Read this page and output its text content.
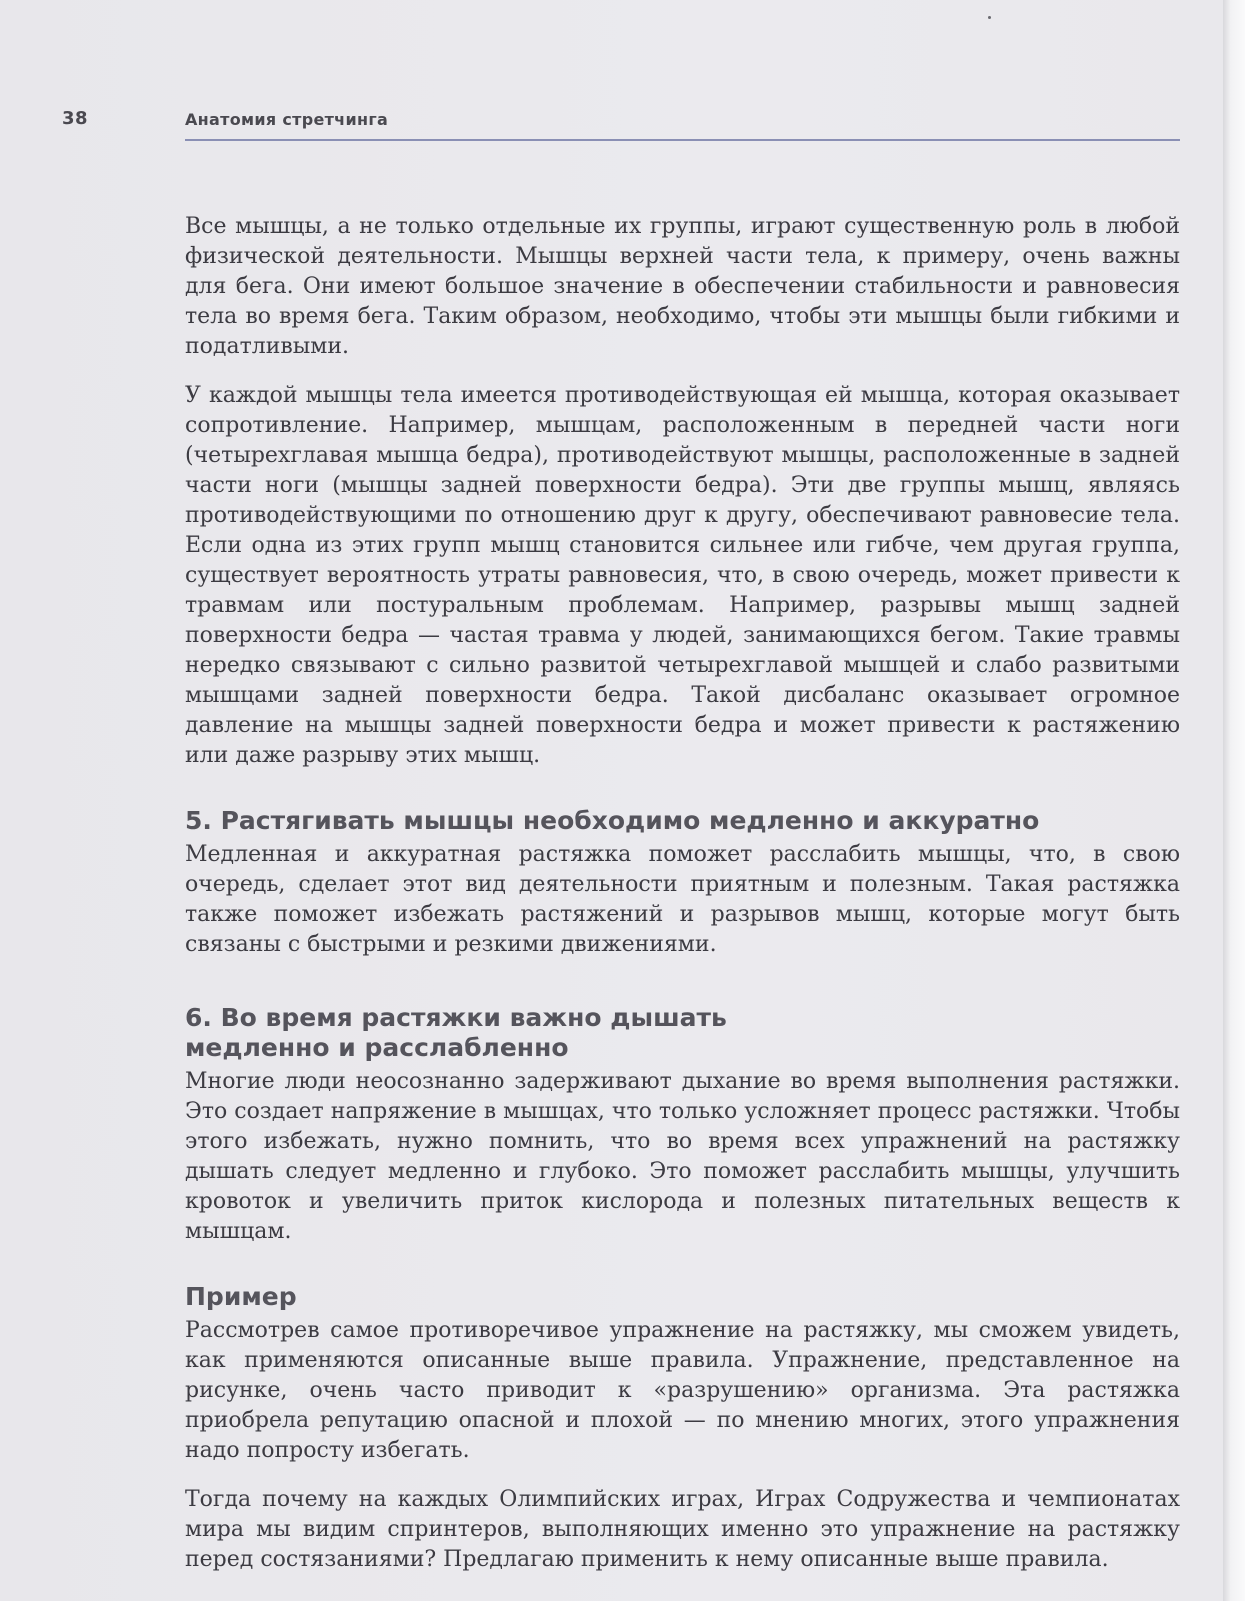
38	Анатомия стретчинга

Все мышцы, а не только отдельные их группы, играют существенную роль в любой физической деятельности. Мышцы верхней части тела, к примеру, очень важны для бега. Они имеют большое значение в обеспечении стабильности и равновесия тела во время бега. Таким образом, необходимо, чтобы эти мышцы были гибкими и податливыми.

У каждой мышцы тела имеется противодействующая ей мышца, которая оказывает сопротивление. Например, мышцам, расположенным в передней части ноги (четырехглавая мышца бедра), противодействуют мышцы, расположенные в задней части ноги (мышцы задней поверхности бедра). Эти две группы мышц, являясь противодействующими по отношению друг к другу, обеспечивают равновесие тела. Если одна из этих групп мышц становится сильнее или гибче, чем другая группа, существует вероятность утраты равновесия, что, в свою очередь, может привести к травмам или постуральным проблемам. Например, разрывы мышц задней поверхности бедра — частая травма у людей, занимающихся бегом. Такие травмы нередко связывают с сильно развитой четырехглавой мышцей и слабо развитыми мышцами задней поверхности бедра. Такой дисбаланс оказывает огромное давление на мышцы задней поверхности бедра и может привести к растяжению или даже разрыву этих мышц.

5. Растягивать мышцы необходимо медленно и аккуратно

Медленная и аккуратная растяжка поможет расслабить мышцы, что, в свою очередь, сделает этот вид деятельности приятным и полезным. Такая растяжка также поможет избежать растяжений и разрывов мышц, которые могут быть связаны с быстрыми и резкими движениями.

6. Во время растяжки важно дышать
медленно и расслабленно

Многие люди неосознанно задерживают дыхание во время выполнения растяжки. Это создает напряжение в мышцах, что только усложняет процесс растяжки. Чтобы этого избежать, нужно помнить, что во время всех упражнений на растяжку дышать следует медленно и глубоко. Это поможет расслабить мышцы, улучшить кровоток и увеличить приток кислорода и полезных питательных веществ к мышцам.

Пример

Рассмотрев самое противоречивое упражнение на растяжку, мы сможем увидеть, как применяются описанные выше правила. Упражнение, представленное на рисунке, очень часто приводит к «разрушению» организма. Эта растяжка приобрела репутацию опасной и плохой — по мнению многих, этого упражнения надо попросту избегать.

Тогда почему на каждых Олимпийских играх, Играх Содружества и чемпионатах мира мы видим спринтеров, выполняющих именно это упражнение на растяжку перед состязаниями? Предлагаю применить к нему описанные выше правила.
